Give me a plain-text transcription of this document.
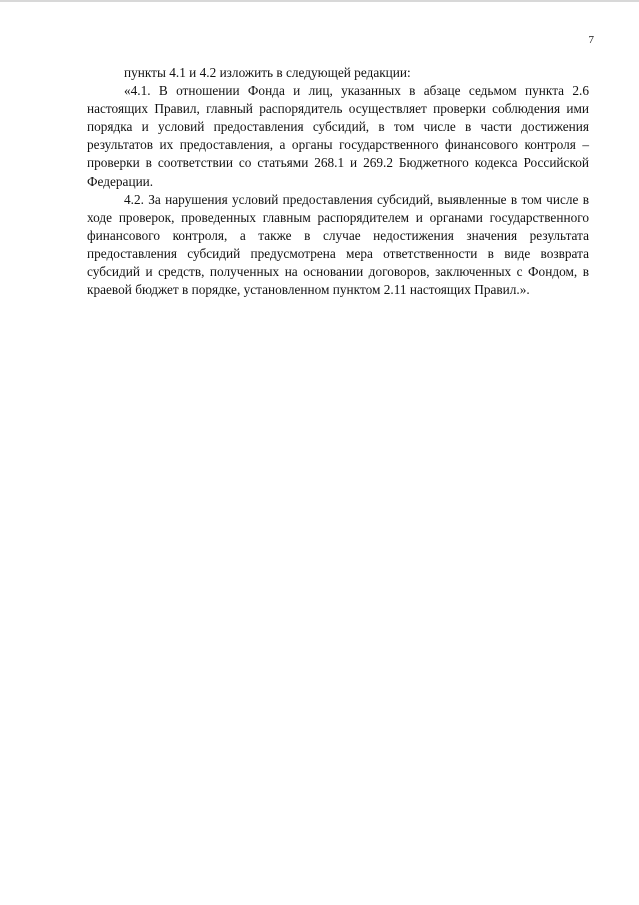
7

пункты 4.1 и 4.2 изложить в следующей редакции:

«4.1. В отношении Фонда и лиц, указанных в абзаце седьмом пункта 2.6 настоящих Правил, главный распорядитель осуществляет проверки соблюдения ими порядка и условий предоставления субсидий, в том числе в части достижения результатов их предоставления, а органы государственного финансового контроля – проверки в соответствии со статьями 268.1 и 269.2 Бюджетного кодекса Российской Федерации.

4.2. За нарушения условий предоставления субсидий, выявленные в том числе в ходе проверок, проведенных главным распорядителем и органами государственного финансового контроля, а также в случае недостижения значения результата предоставления субсидий предусмотрена мера ответственности в виде возврата субсидий и средств, полученных на основании договоров, заключенных с Фондом, в краевой бюджет в порядке, установленном пунктом 2.11 настоящих Правил.».
